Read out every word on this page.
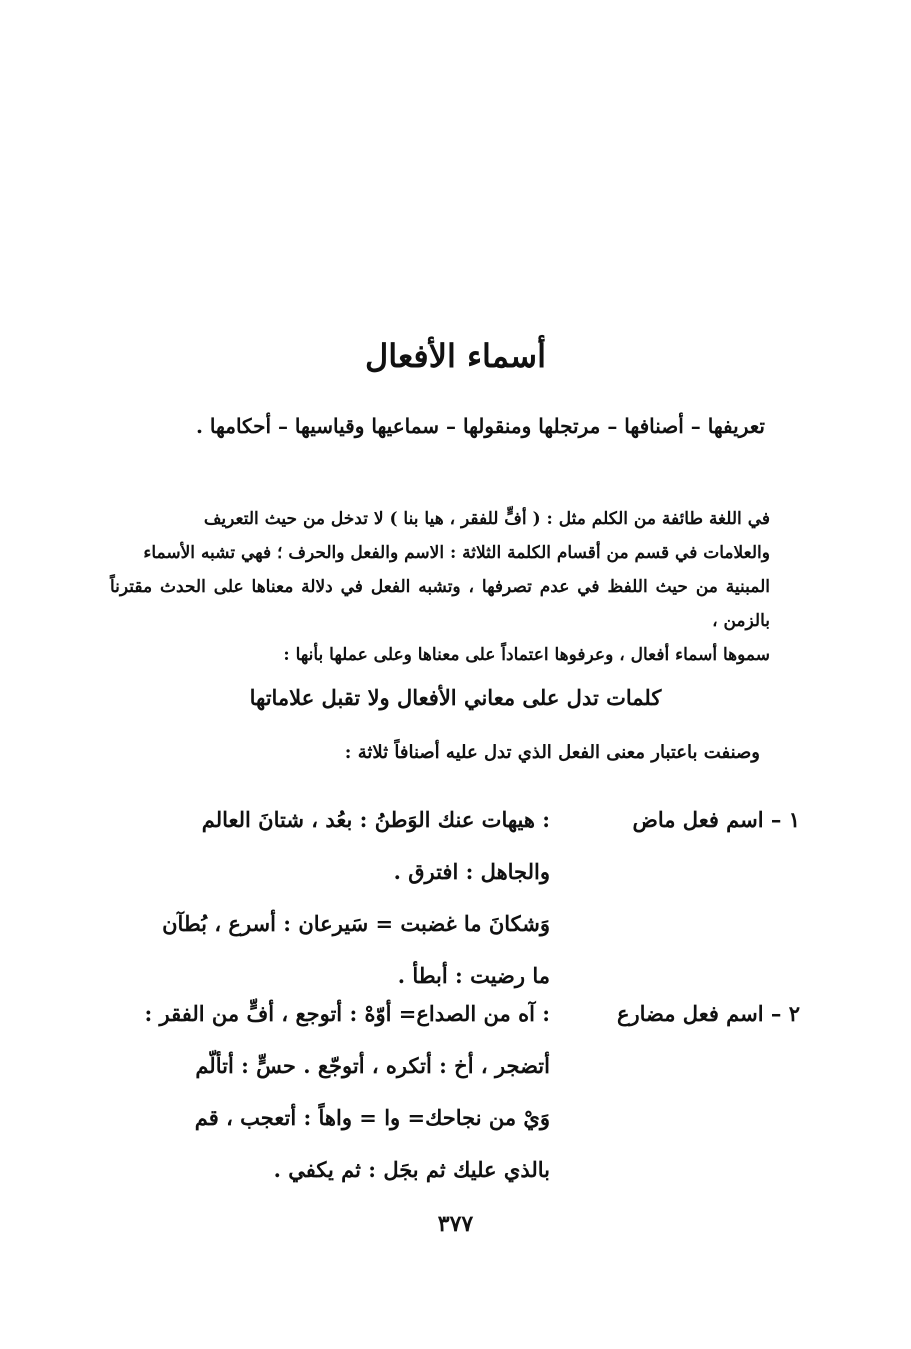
أسماء الأفعال

تعريفها – أصنافها – مرتجلها ومنقولها – سماعيها وقياسيها – أحكامها .

في اللغة طائفة من الكلم مثل : ( أفٍّ للفقر ، هيا بنا ) لا تدخل من حيث التعريف

والعلامات في قسم من أقسام الكلمة الثلاثة : الاسم والفعل والحرف ؛ فهي تشبه الأسماء

المبنية من حيث اللفظ في عدم تصرفها ، وتشبه الفعل في دلالة معناها على الحدث مقترناً بالزمن ،

سموها أسماء أفعال ، وعرفوها اعتماداً على معناها وعلى عملها بأنها :

كلمات تدل على معاني الأفعال ولا تقبل علاماتها

وصنفت باعتبار معنى الفعل الذي تدل عليه أصنافاً ثلاثة :

١ – اسم فعل ماض
: هيهات عنك الوَطنُ : بعُد ، شتانَ العالم
والجاهل : افترق .
وَشكانَ ما غضبت = سَيرعان : أسرع ، بُطآن
ما رضيت : أبطأ .
٢ – اسم فعل مضارع
: آه من الصداع= أوّهْ : أتوجع ، أفٍّ من الفقر :
أتضجر ، أخ : أتكره ، أتوجّع . حسٍّ : أتألّم
وَيْ من نجاحك= وا = واهاً : أتعجب ، قم
بالذي عليك ثم بجَل : ثم يكفي .
٣٧٧
